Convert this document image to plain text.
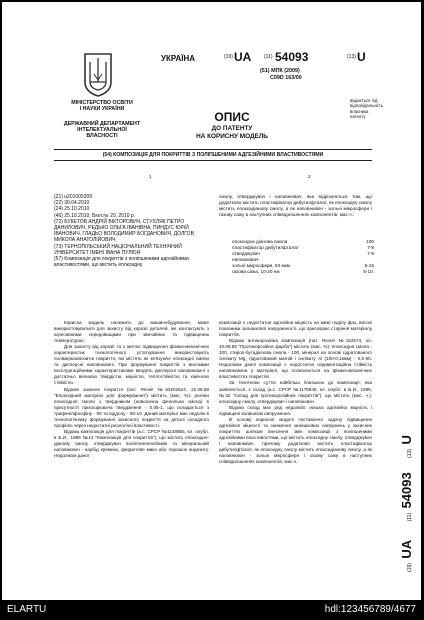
УКРАЇНА
МІНІСТЕРСТВО ОСВІТИ
І НАУКИ УКРАЇНИ
ДЕРЖАВНИЙ ДЕПАРТАМЕНТ
ІНТЕЛЕКТУАЛЬНОЇ
ВЛАСНОСТІ
(19) UA	(11) 54093	(13) U
(51) МПК (2009)
C09D 163/00
видається під
відповідальність
власника
патенту
ОПИС
ДО ПАТЕНТУ
НА КОРИСНУ МОДЕЛЬ
(54) КОМПОЗИЦІЯ ДЛЯ ПОКРИТТІВ З ПОЛІПШЕНИМИ АДГЕЗІЙНИМИ ВЛАСТИВОСТЯМИ
1	2
(21) u201005309
(22) 30.04.2010
(24) 25.10.2010
(46) 25.10.2010, Бюл.№ 20, 2010 р.
(72) БУКЕТОВ АНДРІЙ ВІКТОРОВИЧ, СТУХЛЯК ПЕТРО ДАНИЛОВИЧ, РЕДЬКО ОЛЬГА ІВАНІВНА, ПИНДУС ЮРІЙ ІВАНОВИЧ, ГЛАДЬО ВОЛОДИМИР БОГДАНОВИЧ, ДОЛГОВ МИКОЛА АНАТОЛІЙОВИЧ
(73) ТЕРНОПІЛЬСЬКИЙ НАЦІОНАЛЬНИЙ ТЕХНІЧНИЙ УНІВЕРСИТЕТ ІМЕНІ ІВАНА ПУЛЮЯ
(57) Композиція для покриттів з поліпшеними адгезійними властивостями, що містить епоксидну
смолу, отверджувач і наповнювач, яка відрізняється тим, що додатково містить пластифікатор дибутилфталат, як епоксидну смолу містить епоксидіанову смолу, а як наповнювач - зольні мікросфери і газову сажу в наступних співвідношеннях компонентів, мас.ч.:
епоксидна діанова смола	100
пластифікатор дибутилфталат	7-9
отверджувач	7-9
наповнювач:
зольні мікросфери, 63 мкм	5-15
газова сажа, 10-20 нм	5-10.
Корисна модель належить до машинобудування, може використовуватися для захисту від корозії деталей, які контактують з агресивними середовищами при звичайних та підвищених температурах.
Для захисту від корозії та з метою підвищення фізико-механічних характеристик технологічного устаткування використовують полімеркомпозитні покриття, які містять як зв'язуюче епоксидні смоли та дисперсні наповнювачі. При формуванні покриттів з високими експлуатаційними характеристиками вводять дисперсні наповнювачі з достатньо великою твердістю, міцністю, теплостійкістю та хімічною стійкістю.
Відоме захисне покриття (пат. Японії №63202624, 22.08.88 "Епоксидний матеріал для формування") містить (мас. %): розчин епоксидної смоли з твердником (новолачна фенольна смола) в присутності прискорювача твердження - 0,05-1, що складається з трифенілфосфіну - 90 та віддолу - 90-10. Даний матеріал має недолік в технологічному формуванні захисного покриття на деталі складного профілю через недостатні реологічні властивості.
Відома композиція для покриттів (а.с. СРСР №1148855, кл. опубл. в Б.И., 1985 №13 "Композиція для покриттів"), що містить епоксидно-діанову смолу, отверджувач поліетиленполіамін та мінеральний наповнювач - карбід кремнію, ферритове мико або порошок андезиту. Недоліком даної
композиції є недостатня адгезійна міцність на межі поділу фаз, високі показники залишкової напруженості, що прискорює старіння матеріалу покриттів.
Відома антикорозійна композиція (пат. Японії №152574, кл. 10.08.85 "Протикорозійна фарба") містить (мас. %): епоксидна смола - 100, стирол-бутадієнова смола - 100, мінерал на основі гідратованого силікату Mg, гідратований магній і силікату Al (100-0,1мкм) - 0,5-50. Недоліком даної композиції є недостатня седиментаційна стійкість наповнювача у матеріалі, що позначається на фізико-механічних властивостях покриттів.
За технічною суттю найбільш близькою до композиції, яка заявляється, є склад (а.с. СРСР №1175945, кл. опубл. в Б.И., 1985, №32 "Склад для протикорозійних покриттів"), що містить (мас. ч.): епоксидну смолу, отверджувач і наповнювач.
Відомо склад має ряд недоліків: низька адгезійна міцність і підвищені залишкові напруження.
В основу корисної моделі поставлено задачу підвищення адгезійної міцності та зниження залишкових напружень у захисних покриттях шляхом внесення змін композиції з поліпшеними адгезійними властивостями, що містить епоксидну смолу, отверджувач і наповнювач, причому додатково містить пластифікатор дибутилфталат, як епоксидну смолу містить епоксидіанову смолу, а як наповнювач - зольні мікросфери і газову сажу в наступних співвідношеннях компонентів, мас.ч.:
(19) UA (11) 54093 (13) U
ELARTU	hdl:123456789/4677
